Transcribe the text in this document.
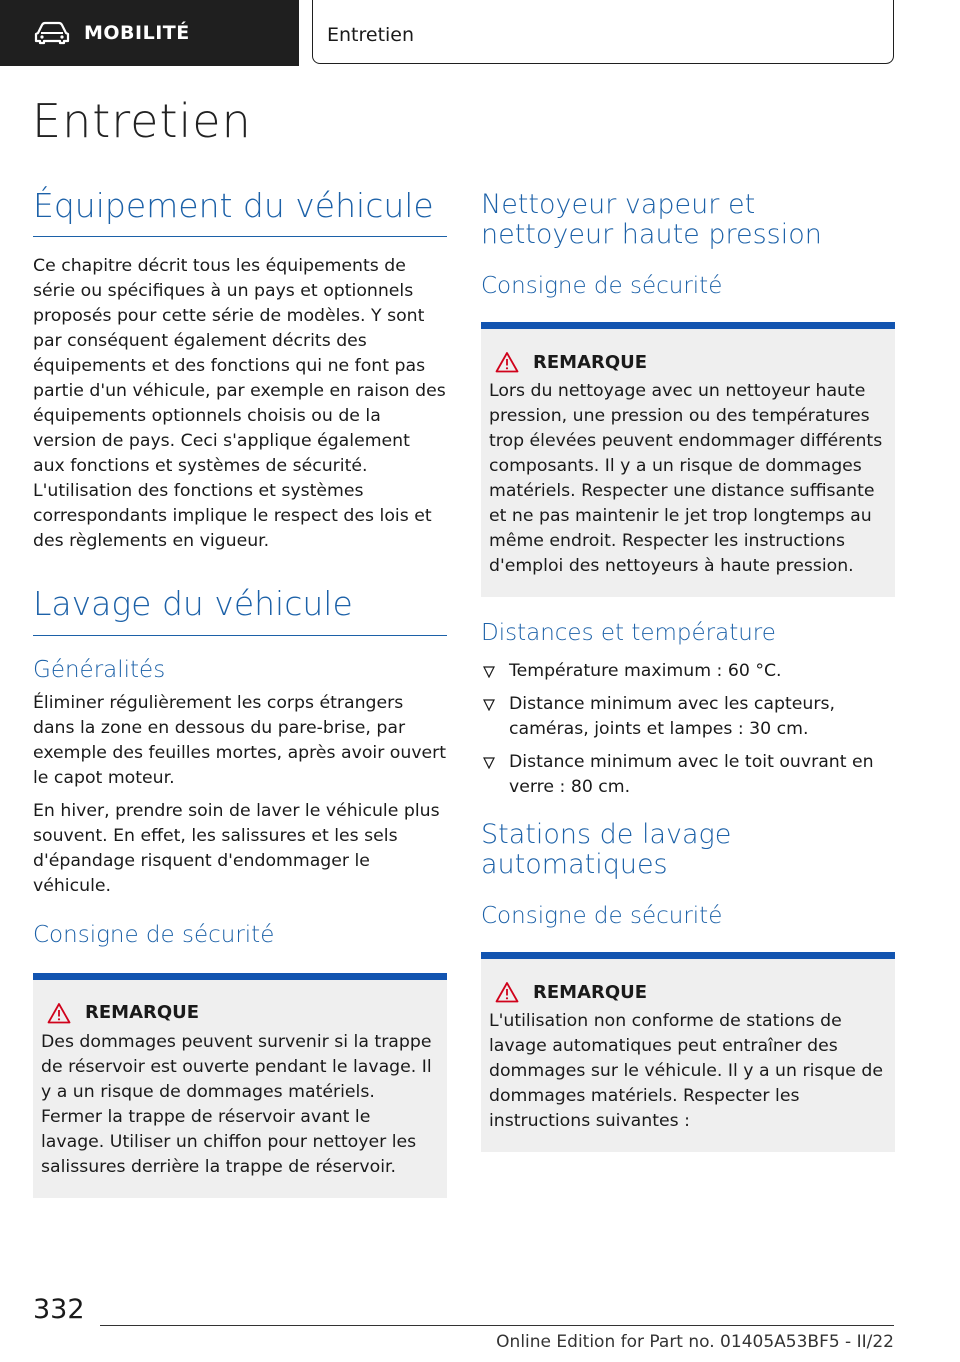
MOBILITÉ	Entretien
Entretien
Équipement du véhicule

Ce chapitre décrit tous les équipements de série ou spécifiques à un pays et optionnels proposés pour cette série de modèles. Y sont par conséquent également décrits des équipements et des fonctions qui ne font pas partie d'un véhicule, par exemple en raison des équipements optionnels choisis ou de la version de pays. Ceci s'applique également aux fonctions et systèmes de sécurité. L'utilisation des fonctions et systèmes correspondants implique le respect des lois et des règlements en vigueur.

Lavage du véhicule
Généralités

Éliminer régulièrement les corps étrangers dans la zone en dessous du pare-brise, par exemple des feuilles mortes, après avoir ouvert le capot moteur.

En hiver, prendre soin de laver le véhicule plus souvent. En effet, les salissures et les sels d'épandage risquent d'endommager le véhicule.

Consigne de sécurité
REMARQUE

Des dommages peuvent survenir si la trappe de réservoir est ouverte pendant le lavage. Il y a un risque de dommages matériels. Fermer la trappe de réservoir avant le lavage. Utiliser un chiffon pour nettoyer les salissures derrière la trappe de réservoir.

Nettoyeur vapeur et nettoyeur haute pression
Consigne de sécurité
REMARQUE

Lors du nettoyage avec un nettoyeur haute pression, une pression ou des températures trop élevées peuvent endommager différents composants. Il y a un risque de dommages matériels. Respecter une distance suffisante et ne pas maintenir le jet trop longtemps au même endroit. Respecter les instructions d'emploi des nettoyeurs à haute pression.

Distances et température
Température maximum : 60 °C.
Distance minimum avec les capteurs, caméras, joints et lampes : 30 cm.
Distance minimum avec le toit ouvrant en verre : 80 cm.
Stations de lavage automatiques
Consigne de sécurité
REMARQUE

L'utilisation non conforme de stations de lavage automatiques peut entraîner des dommages sur le véhicule. Il y a un risque de dommages matériels. Respecter les instructions suivantes :

332
Online Edition for Part no. 01405A53BF5 - II/22
